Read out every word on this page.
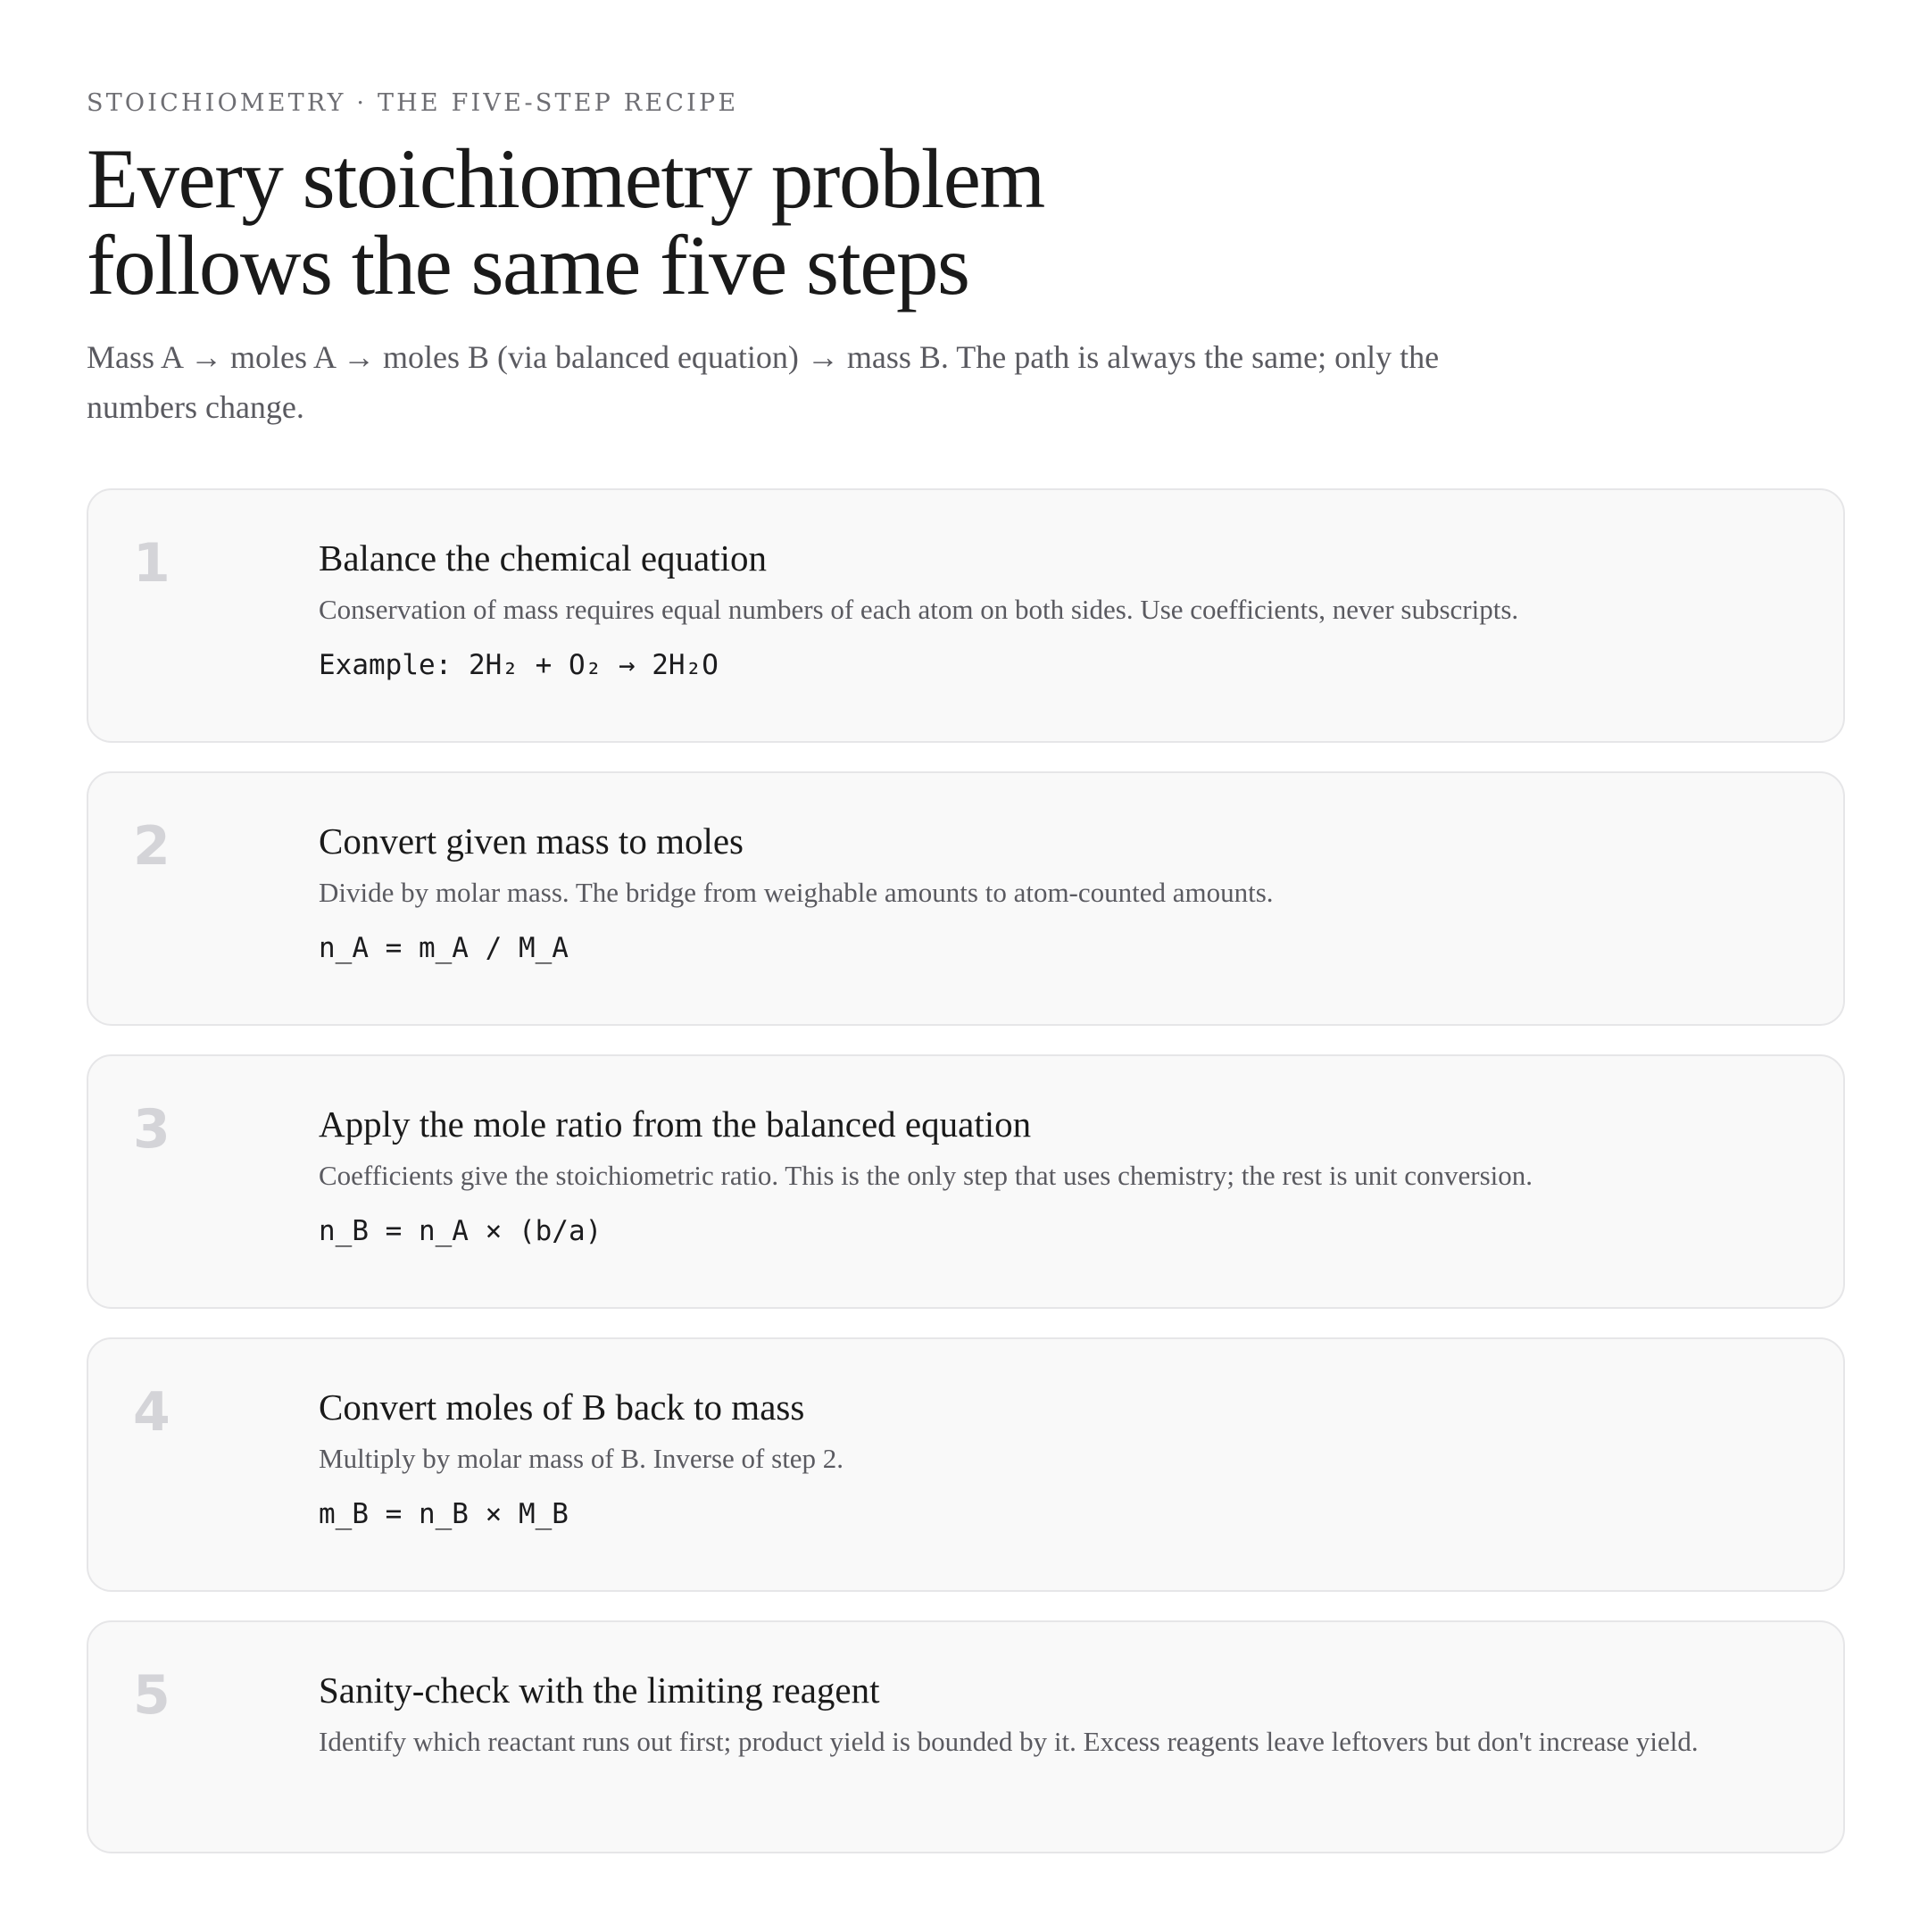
STOICHIOMETRY · THE FIVE-STEP RECIPE
Every stoichiometry problem
follows the same five steps

Mass A → moles A → moles B (via balanced equation) → mass B. The path is always the same; only the numbers change.

1	Balance the chemical equation

Conservation of mass requires equal numbers of each atom on both sides. Use coefficients, never subscripts.

Example: 2H₂ + O₂ → 2H₂O
2	Convert given mass to moles

Divide by molar mass. The bridge from weighable amounts to atom-counted amounts.

n_A = m_A / M_A
3	Apply the mole ratio from the balanced equation

Coefficients give the stoichiometric ratio. This is the only step that uses chemistry; the rest is unit conversion.

n_B = n_A × (b/a)
4	Convert moles of B back to mass

Multiply by molar mass of B. Inverse of step 2.

m_B = n_B × M_B
5	Sanity-check with the limiting reagent

Identify which reactant runs out first; product yield is bounded by it. Excess reagents leave leftovers but don't increase yield.
